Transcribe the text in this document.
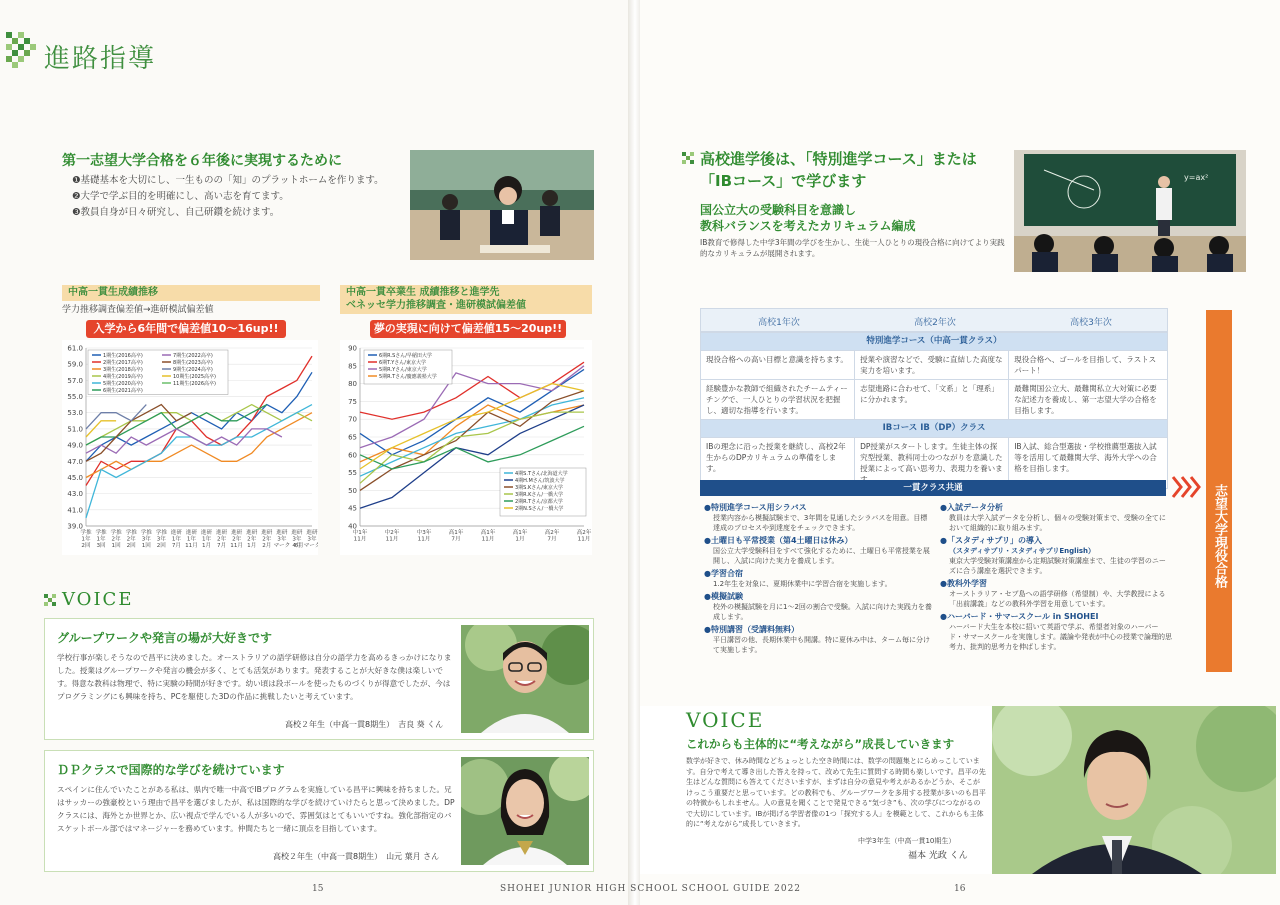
進路指導
第一志望大学合格を６年後に実現するために
❶基礎基本を大切にし、一生ものの「知」のプラットホームを作ります。
❷大学で学ぶ目的を明確にし、高い志を育てます。
❸教員自身が日々研究し、自己研鑽を続けます。
中高一貫生成績推移
学力推移調査偏差値→進研模試偏差値
入学から6年間で偏差値10～16up!!
39.0
41.0
43.0
45.0
47.0
49.0
51.0
53.0
55.0
57.0
59.0
61.0
学推 1年 2回
学推 1年 3回
学推 2年 1回
学推 2年 2回
学推 3年 1回
学推 3年 2回
進研 1年 7月
進研 1年 11月
進研 1年 1月
進研 2年 7月
進研 2年 11月
進研 2年 1月
進研 2年 2月
進研 3年マーク
進研 3年 4月
進研 3年 6月マーク
1期生(2016高卒)
2期生(2017高卒)
3期生(2018高卒)
4期生(2019高卒)
5期生(2020高卒)
6期生(2021高卒)
7期生(2022高卒)
8期生(2023高卒)
9期生(2024高卒)
10期生(2025高卒)
11期生(2026高卒)
中高一貫卒業生 成績推移と進学先
ベネッセ学力推移調査・進研模試偏差値
夢の実現に向けて偏差値15～20up!!
40
45
50
55
60
65
70
75
80
85
90
中1年 11月
中2年 11月
中3年 11月
高1年 7月
高1年 11月
高1年 1月
高2年 7月
高2年 11月
6期R.Sさん/早稲田大学
6期T.Yさん/東京大学
5期R.Yさん/東京大学
5期R.Tさん/慶應義塾大学
4期S.Tさん/北海道大学
4期H.Mさん/筑波大学
3期S.Kさん/東京大学
3期R.Kさん/一橋大学
2期R.Tさん/京都大学
2期N.Sさん/一橋大学
VOICE
グループワークや発言の場が大好きです
学校行事が楽しそうなので昌平に決めました。オーストラリアの語学研修は自分の語学力を高めるきっかけになりました。授業はグループワークや発言の機会が多く、とても活気があります。発表することが大好きな僕は楽しいです。得意な教科は物理で、特に実験の時間が好きです。幼い頃は段ボールを使ったものづくりが得意でしたが、今はプログラミングにも興味を持ち、PCを駆使した3Dの作品に挑戦したいと考えています。
高校２年生（中高一貫8期生）　吉良 葵 くん
ＤＰクラスで国際的な学びを続けています
スペインに住んでいたことがある私は、県内で唯一中高でIBプログラムを実施している昌平に興味を持ちました。兄はサッカーの強豪校という理由で昌平を選びましたが、私は国際的な学びを続けていけたらと思って決めました。DPクラスには、海外とか世界とか、広い視点で学んでいる人が多いので、雰囲気はとてもいいですね。強化部指定のバスケットボール部ではマネージャーを務めています。仲間たちと一緒に頂点を目指しています。
高校２年生（中高一貫8期生）　山元 葉月 さん
15	SHOHEI JUNIOR HIGH SCHOOL SCHOOL GUIDE 2022
高校進学後は、「特別進学コース」または
「IBコース」で学びます
国公立大の受験科目を意識し
教科バランスを考えたカリキュラム編成
IB教育で修得した中学3年間の学びを生かし、生徒一人ひとりの現役合格に向けてより実践的なカリキュラムが展開されます。
y=ax²
高校1年次	高校2年次	高校3年次
特別進学コース（中高一貫クラス）		
現役合格への高い目標と意識を持ちます。	授業や演習などで、受験に直結した高度な実力を培います。	現役合格へ、ゴールを目指して、ラストスパート！
経験豊かな教師で組織されたチームティーチングで、一人ひとりの学習状況を把握し、適切な指導を行います。	志望進路に合わせて、「文系」と「理系」に分かれます。	最難関国公立大、最難関私立大対策に必要な記述力を養成し、第一志望大学の合格を目指します。
IBコース IB（DP）クラス		
IBの理念に沿った授業を継続し、高校2年生からのDPカリキュラムの準備をします。	DP授業がスタートします。生徒主体の探究型授業、教科同士のつながりを意識した授業によって高い思考力、表現力を養いま	IB入試、総合型選抜・学校推薦型選抜入試等を活用して最難関大学、海外大学への合格を目指します。
一貫クラス共通
●特別進学コース用シラバス
授業内容から模擬試験まで、3年間を見通したシラバスを用意。目標達成のプロセスや到達度をチェックできます。
●土曜日も平常授業（第4土曜日は休み）
国公立大学受験科目をすべて強化するために、土曜日も平常授業を展開し、入試に向けた実力を養成します。
●学習合宿
1.2年生を対象に、夏期休業中に学習合宿を実施します。
●模擬試験
校外の模擬試験を月に1～2回の割合で受験。入試に向けた実践力を養成します。
●特別講習（受講料無料）
平日講習の他、長期休業中も開講。特に夏休み中は、ターム毎に分けて実施します。
●入試データ分析
教員は大学入試データを分析し、個々の受験対策まで、受験の全てにおいて組織的に取り組みます。
●「スタディサプリ」の導入
（スタディサプリ・スタディサプリEnglish）
東京大学受験対策講座から定期試験対策講座まで、生徒の学習のニーズに合う講座を選択できます。
●教科外学習
オーストラリア・セブ島への語学研修（希望制）や、大学教授による「出前講義」などの教科外学習を用意しています。
●ハーバード・サマースクール in SHOHEI
ハーバード大生を本校に招いて英語で学ぶ、希望者対象のハーバード・サマースクールを実施します。議論や発表が中心の授業で論理的思考力、批判的思考力を伸ばします。
志望大学現役合格
VOICE
これからも主体的に“考えながら”成長していきます
数学が好きで、休み時間などちょっとした空き時間には、数学の問題集とにらめっこしています。自分で考えて導き出した答えを持って、改めて先生に質問する時間も楽しいです。昌平の先生はどんな質問にも答えてくださいますが、まずは自分の意見や考えがあるかどうか、そこがけっこう重要だと思っています。どの教科でも、グループワークを多用する授業が多いのも昌平の特徴かもしれません。人の意見を聞くことで発見できる“気づき”も、次の学びにつながるので大切にしています。IBが掲げる学習者像の1つ「探究する人」を模範として、これからも主体的に“考えながら”成長していきます。
中学3年生（中高一貫10期生）
福本 光政 くん
16
